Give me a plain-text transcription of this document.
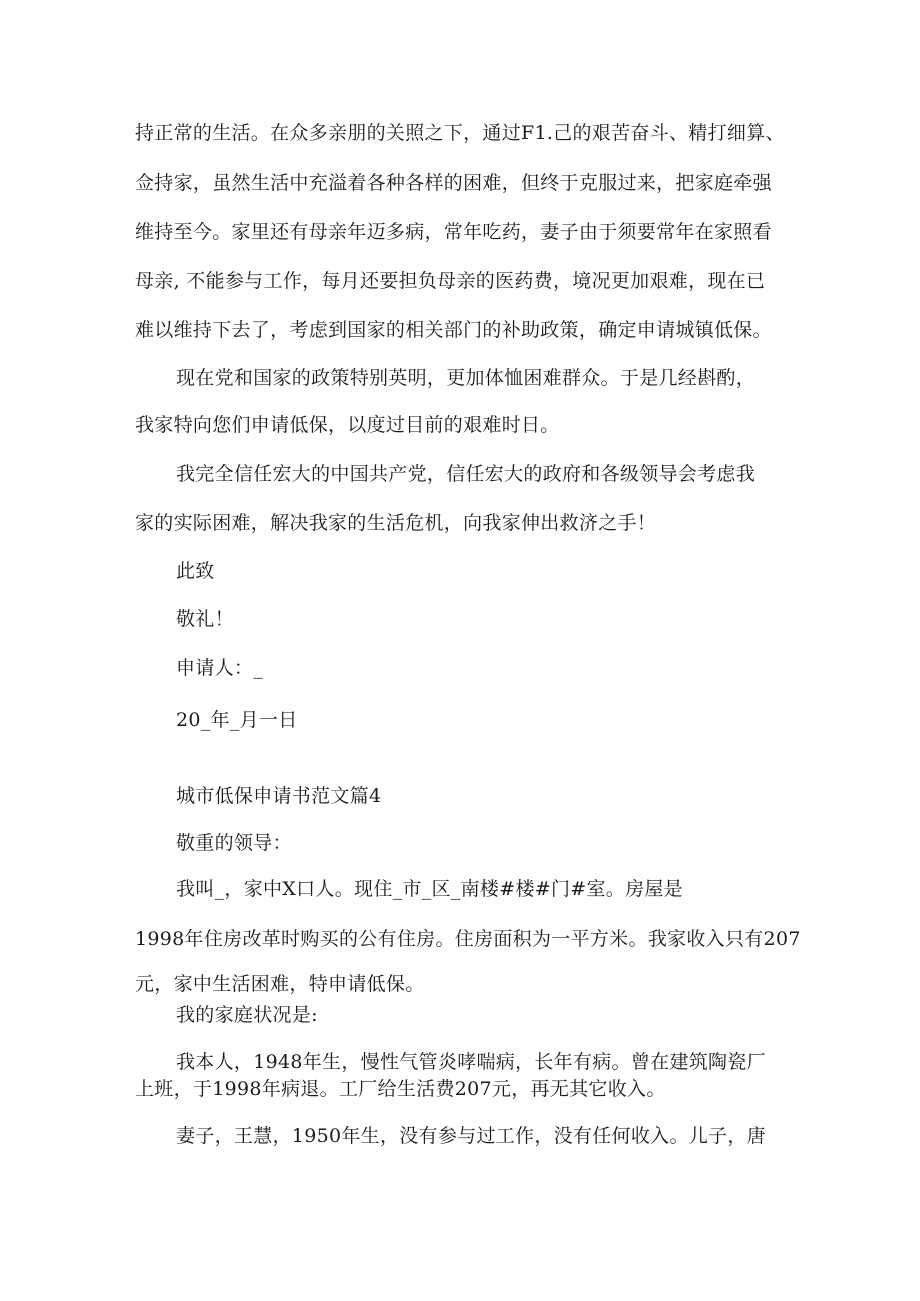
持正常的生活。在众多亲朋的关照之下，通过F1.己的艰苦奋斗、精打细算、
佥持家，虽然生活中充溢着各种各样的困难，但终于克服过来，把家庭牵强
维持至今。家里还有母亲年迈多病，常年吃药，妻子由于须要常年在家照看
母亲, 不能参与工作，每月还要担负母亲的医药费，境况更加艰难，现在已
难以维持下去了，考虑到国家的相关部门的补助政策，确定申请城镇低保。
现在党和国家的政策特别英明，更加体恤困难群众。于是几经斟酌，
我家特向您们申请低保，以度过目前的艰难时日。
我完全信任宏大的中国共产党，信任宏大的政府和各级领导会考虑我
家的实际困难，解决我家的生活危机，向我家伸出救济之手！
此致
敬礼！
申请人：_
20_年_月一日
城市低保申请书范文篇4
敬重的领导：
我叫_，家中X口人。现住_市_区_南楼#楼#门#室。房屋是
1998年住房改革时购买的公有住房。住房面积为一平方米。我家收入只有207
元，家中生活困难，特申请低保。
我的家庭状况是:
我本人，1948年生，慢性气管炎哮喘病，长年有病。曾在建筑陶瓷厂
上班，于1998年病退。工厂给生活费207元，再无其它收入。
妻子，王慧，1950年生，没有参与过工作，没有任何收入。儿子，唐
